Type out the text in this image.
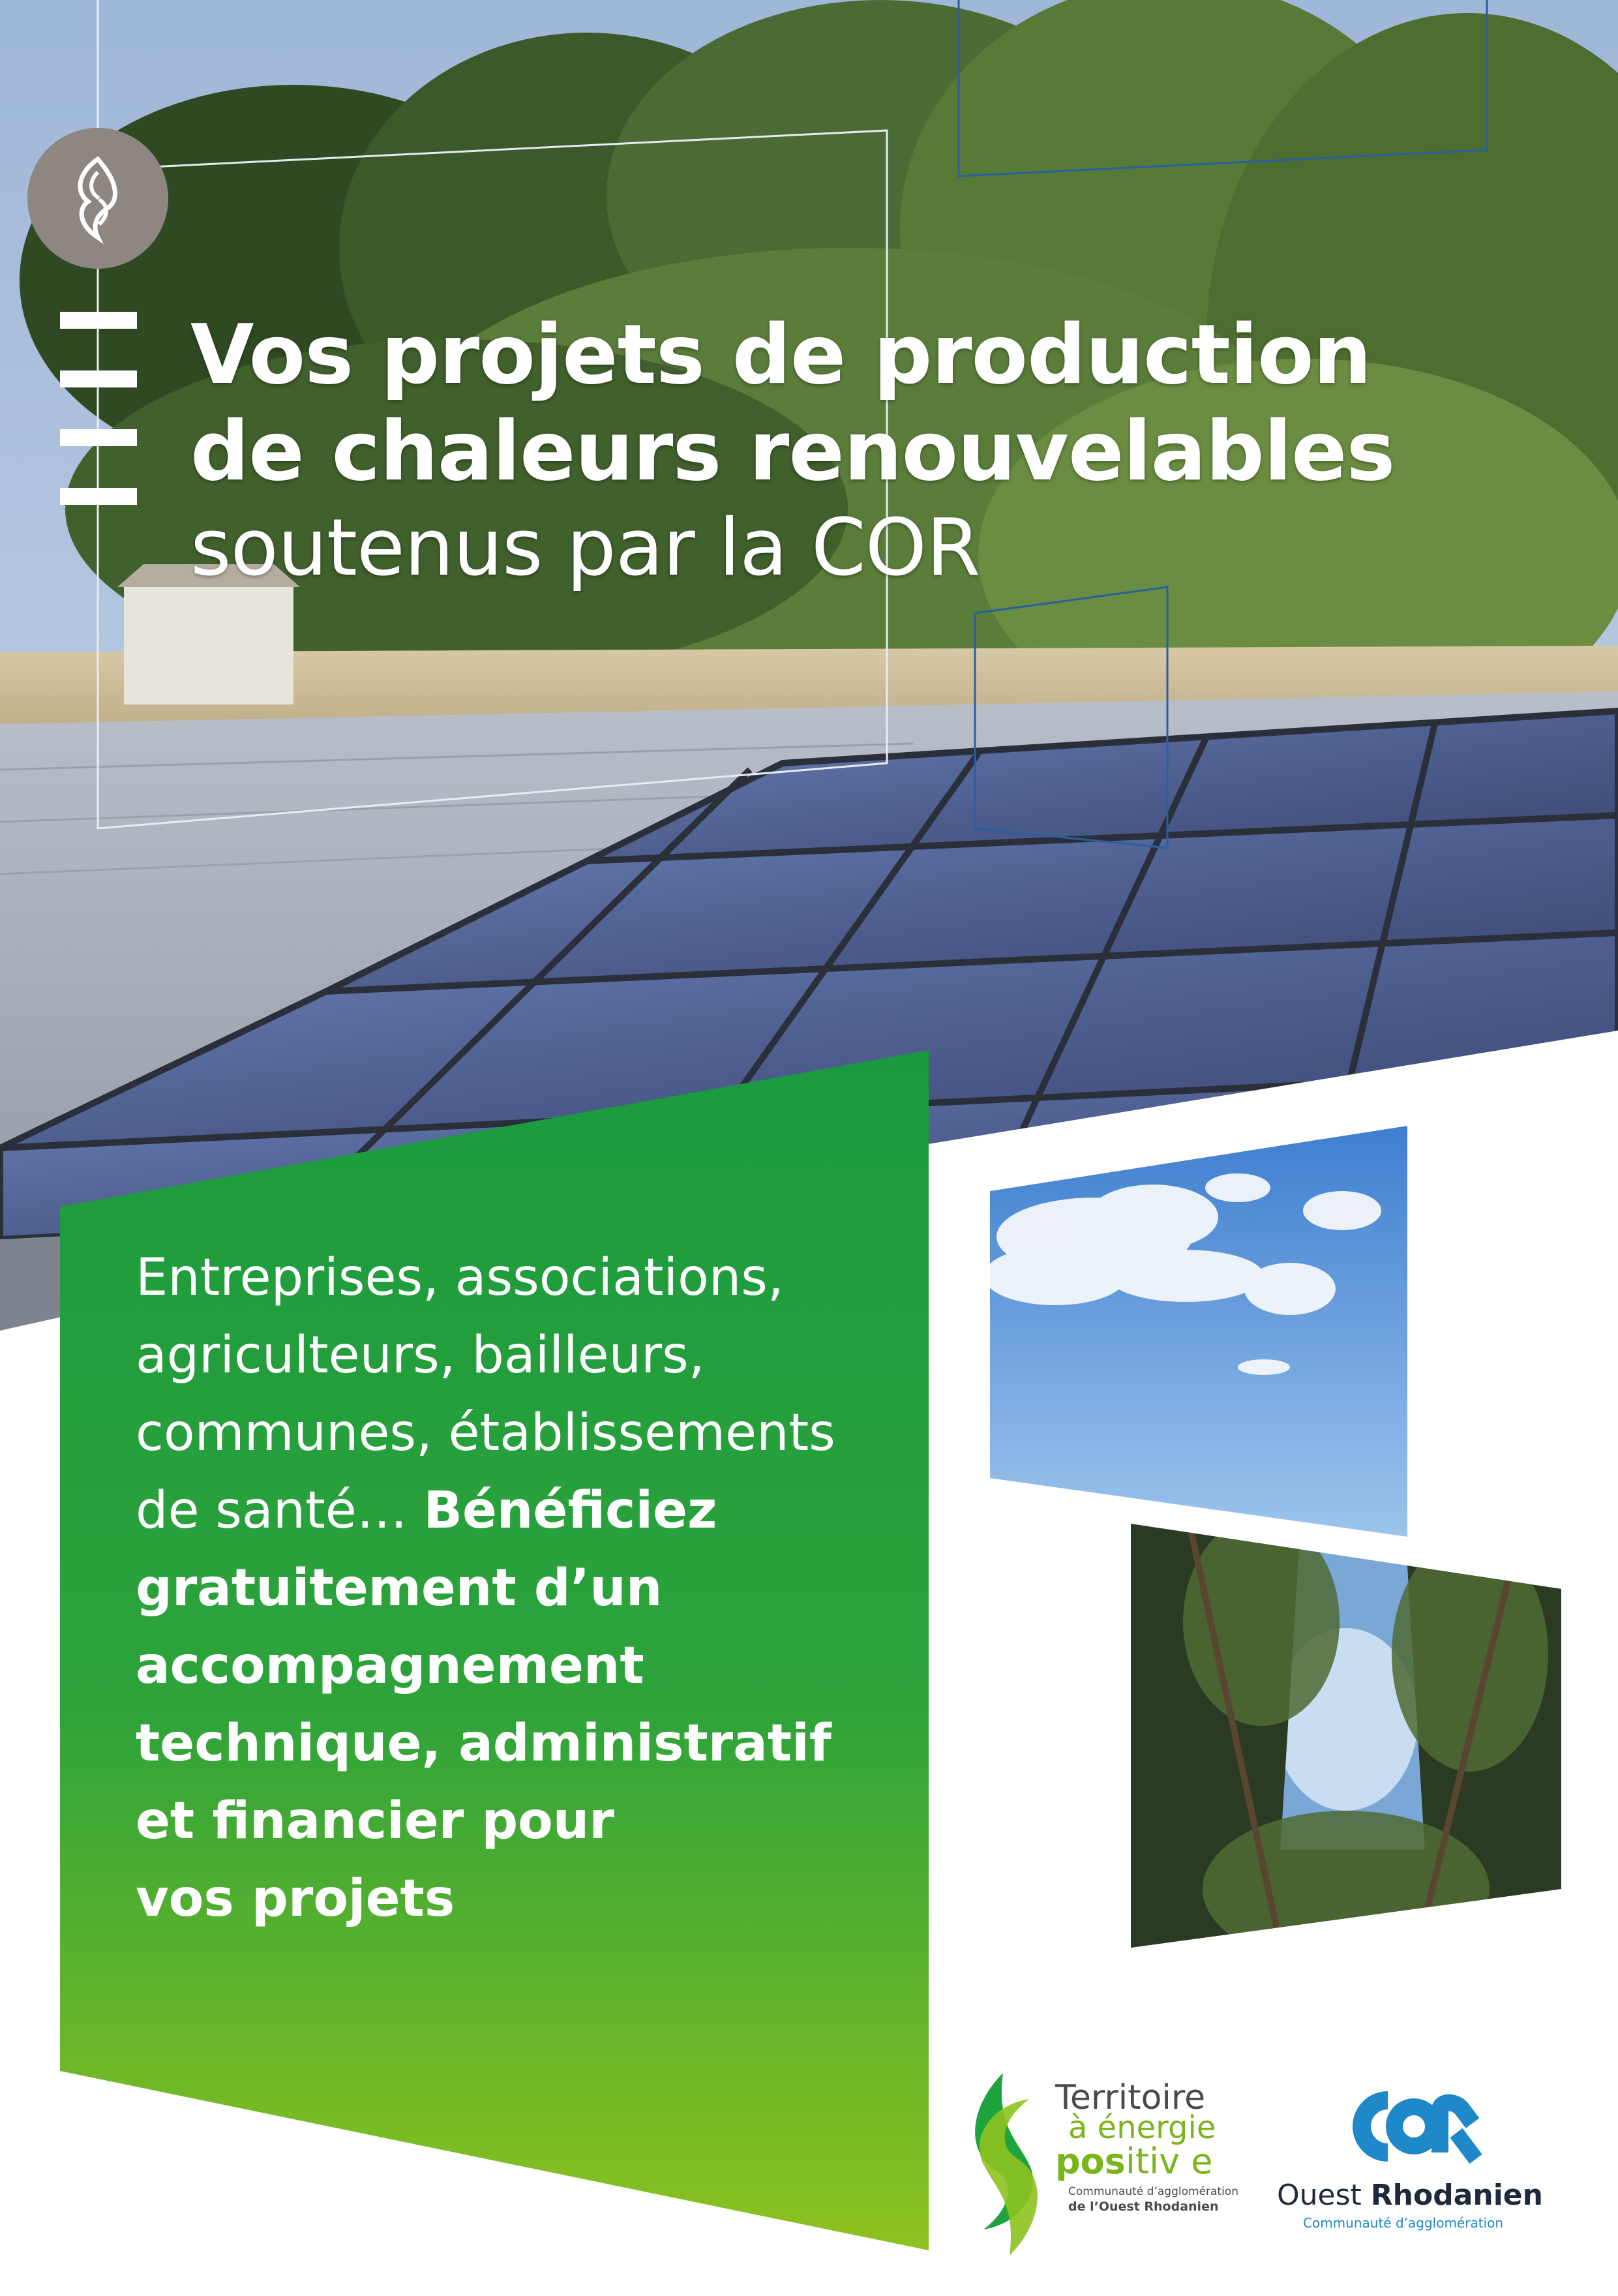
Vos projets de production
de chaleurs renouvelables
soutenus par la COR
Entreprises, associations,
agriculteurs, bailleurs,
communes, établissements
de santé… Bénéficiez
gratuitement d’un
accompagnement
technique, administratif
et financier pour
vos projets
Territoire
à énergie
positiv e
Communauté d’agglomération
de l’Ouest Rhodanien Ouest Rhodanien
Communauté d’agglomération
